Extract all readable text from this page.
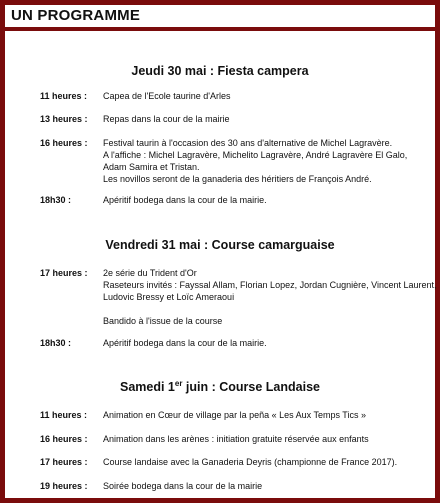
UN PROGRAMME
Jeudi 30 mai : Fiesta campera
11 heures : Capea de l'Ecole taurine d'Arles
13 heures : Repas dans la cour de la mairie
16 heures : Festival taurin à l'occasion des 30 ans d'alternative de Michel Lagravère.
A l'affiche : Michel Lagravère, Michelito Lagravère, André Lagravère El Galo,
Adam Samira et Tristan.
Les novillos seront de la ganaderia des héritiers de François André.
18h30 :	Apéritif bodega dans la cour de la mairie.
Vendredi 31 mai : Course camarguaise
17 heures : 2e série du Trident d'Or
Raseteurs invités : Fayssal Allam, Florian Lopez, Jordan Cugnière, Vincent Laurent,
Ludovic Bressy et Loïc Ameraoui
Bandido à l'issue de la course
18h30 :	Apéritif bodega dans la cour de la mairie.
Samedi 1er juin : Course Landaise
11 heures : Animation en Cœur de village par la peña « Les Aux Temps Tics »
16 heures : Animation dans les arènes : initiation gratuite réservée aux enfants
17 heures : Course landaise avec la Ganaderia Deyris (championne de France 2017).
19 heures : Soirée bodega dans la cour de la mairie
